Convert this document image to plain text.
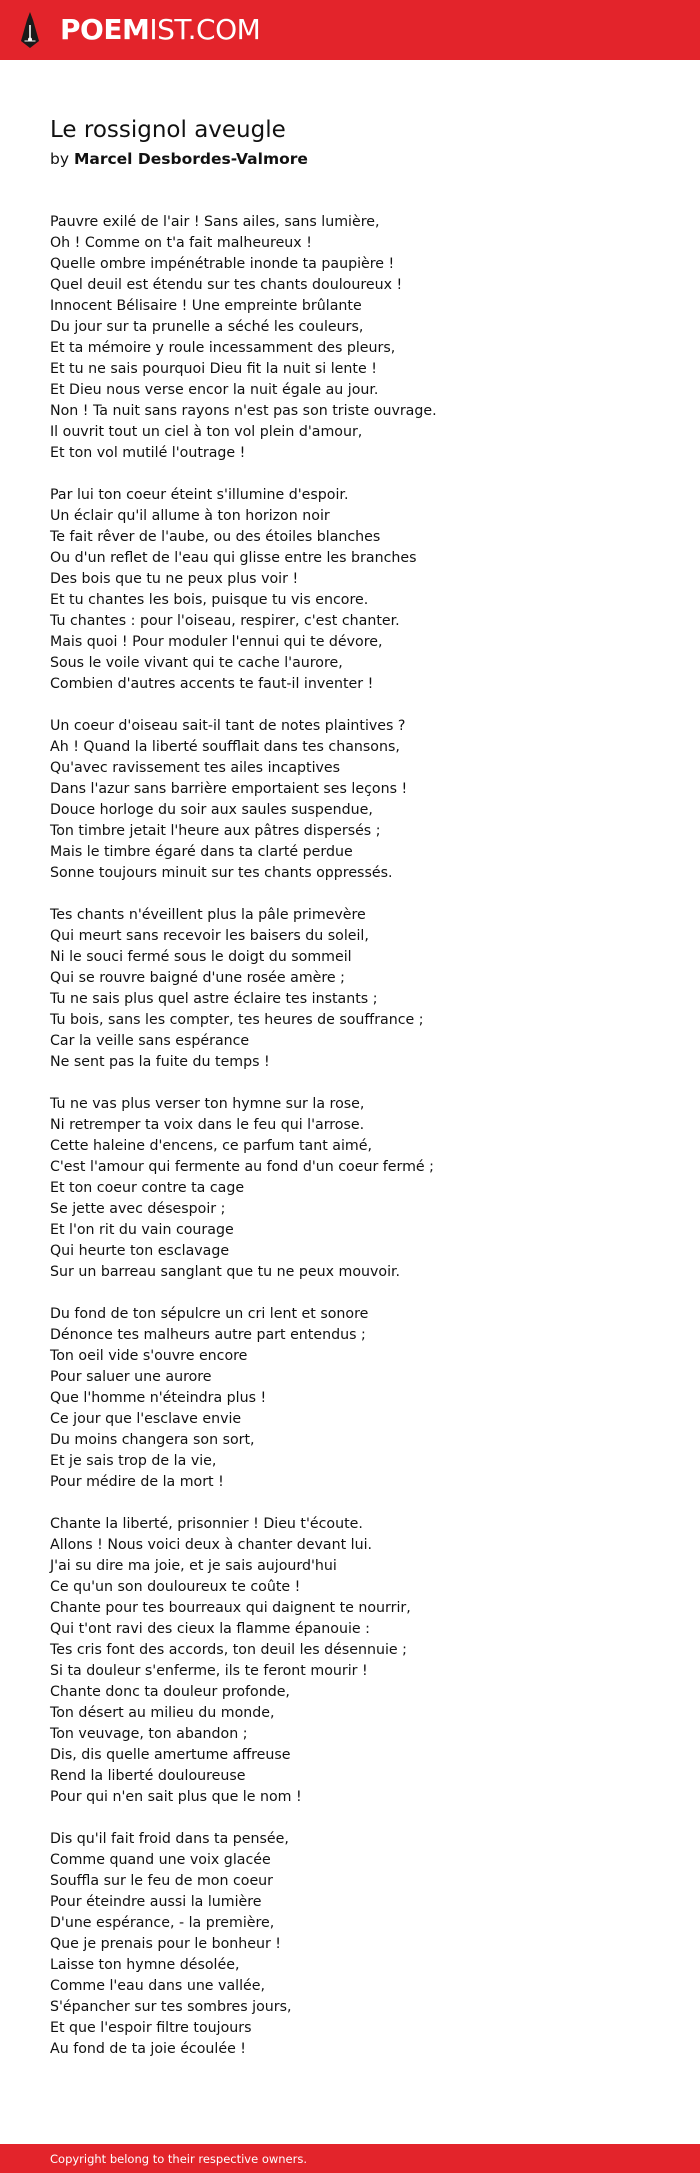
POEMIST.COM
Le rossignol aveugle
by Marcel Desbordes-Valmore
Pauvre exilé de l'air ! Sans ailes, sans lumière,
Oh ! Comme on t'a fait malheureux !
Quelle ombre impénétrable inonde ta paupière !
Quel deuil est étendu sur tes chants douloureux !
Innocent Bélisaire ! Une empreinte brûlante
Du jour sur ta prunelle a séché les couleurs,
Et ta mémoire y roule incessamment des pleurs,
Et tu ne sais pourquoi Dieu fit la nuit si lente !
Et Dieu nous verse encor la nuit égale au jour.
Non ! Ta nuit sans rayons n'est pas son triste ouvrage.
Il ouvrit tout un ciel à ton vol plein d'amour,
Et ton vol mutilé l'outrage !
Par lui ton coeur éteint s'illumine d'espoir.
Un éclair qu'il allume à ton horizon noir
Te fait rêver de l'aube, ou des étoiles blanches
Ou d'un reflet de l'eau qui glisse entre les branches
Des bois que tu ne peux plus voir !
Et tu chantes les bois, puisque tu vis encore.
Tu chantes : pour l'oiseau, respirer, c'est chanter.
Mais quoi ! Pour moduler l'ennui qui te dévore,
Sous le voile vivant qui te cache l'aurore,
Combien d'autres accents te faut-il inventer !
Un coeur d'oiseau sait-il tant de notes plaintives ?
Ah ! Quand la liberté soufflait dans tes chansons,
Qu'avec ravissement tes ailes incaptives
Dans l'azur sans barrière emportaient ses leçons !
Douce horloge du soir aux saules suspendue,
Ton timbre jetait l'heure aux pâtres dispersés ;
Mais le timbre égaré dans ta clarté perdue
Sonne toujours minuit sur tes chants oppressés.
Tes chants n'éveillent plus la pâle primevère
Qui meurt sans recevoir les baisers du soleil,
Ni le souci fermé sous le doigt du sommeil
Qui se rouvre baigné d'une rosée amère ;
Tu ne sais plus quel astre éclaire tes instants ;
Tu bois, sans les compter, tes heures de souffrance ;
Car la veille sans espérance
Ne sent pas la fuite du temps !
Tu ne vas plus verser ton hymne sur la rose,
Ni retremper ta voix dans le feu qui l'arrose.
Cette haleine d'encens, ce parfum tant aimé,
C'est l'amour qui fermente au fond d'un coeur fermé ;
Et ton coeur contre ta cage
Se jette avec désespoir ;
Et l'on rit du vain courage
Qui heurte ton esclavage
Sur un barreau sanglant que tu ne peux mouvoir.
Du fond de ton sépulcre un cri lent et sonore
Dénonce tes malheurs autre part entendus ;
Ton oeil vide s'ouvre encore
Pour saluer une aurore
Que l'homme n'éteindra plus !
Ce jour que l'esclave envie
Du moins changera son sort,
Et je sais trop de la vie,
Pour médire de la mort !
Chante la liberté, prisonnier ! Dieu t'écoute.
Allons ! Nous voici deux à chanter devant lui.
J'ai su dire ma joie, et je sais aujourd'hui
Ce qu'un son douloureux te coûte !
Chante pour tes bourreaux qui daignent te nourrir,
Qui t'ont ravi des cieux la flamme épanouie :
Tes cris font des accords, ton deuil les désennuie ;
Si ta douleur s'enferme, ils te feront mourir !
Chante donc ta douleur profonde,
Ton désert au milieu du monde,
Ton veuvage, ton abandon ;
Dis, dis quelle amertume affreuse
Rend la liberté douloureuse
Pour qui n'en sait plus que le nom !
Dis qu'il fait froid dans ta pensée,
Comme quand une voix glacée
Souffla sur le feu de mon coeur
Pour éteindre aussi la lumière
D'une espérance, - la première,
Que je prenais pour le bonheur !
Laisse ton hymne désolée,
Comme l'eau dans une vallée,
S'épancher sur tes sombres jours,
Et que l'espoir filtre toujours
Au fond de ta joie écoulée !
Copyright belong to their respective owners.
